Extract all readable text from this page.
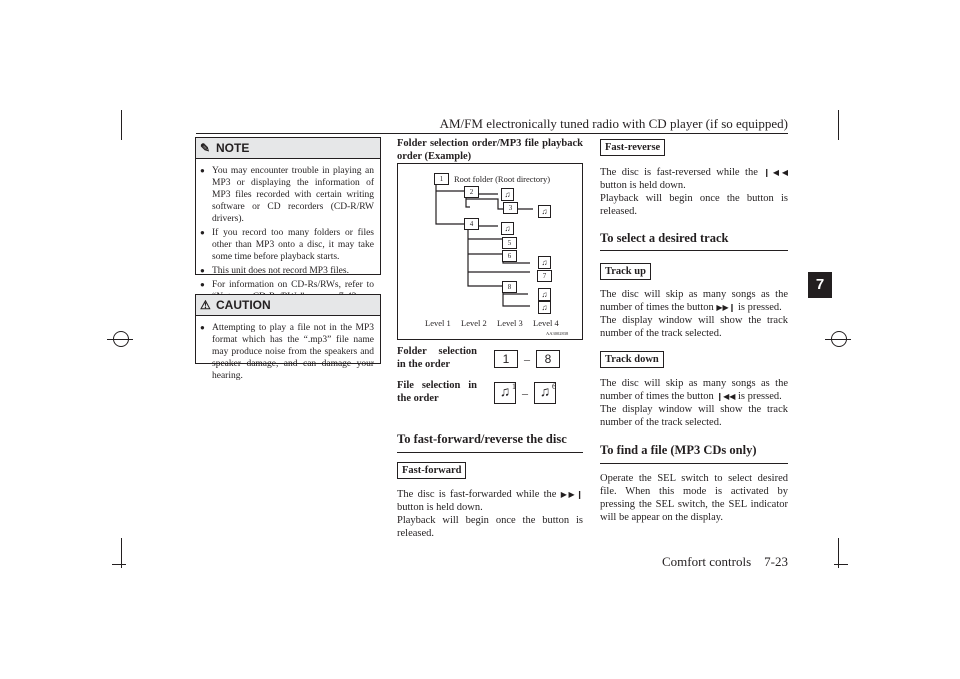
AM/FM electronically tuned radio with CD player (if so equipped)
Comfort controls 7-23
7
✎ NOTE
● You may encounter trouble in playing an MP3 or displaying the information of MP3 files recorded with certain writing software or CD recorders (CD-R/RW drivers).
● If you record too many folders or files other than MP3 onto a disc, it may take some time before playback starts.
● This unit does not record MP3 files.
● For information on CD-Rs/RWs, refer to
⚠ CAUTION
● Attempting to play a file not in the MP3 format which has the “.mp3” file name may produce noise from the speakers and speaker damage, and can damage your hearing.
Folder selection order/MP3 file playback order (Example)
Root folder (Root directory)
1
2
3
4
5
6
7
8
♫
♫
♫
♫
♫
♫
Level 1 Level 2 Level 3 Level 4
AA3002838
Folder selection in the order	1	–	8
File selection in the order	♫ 1 – ♫ 6
To fast-forward/reverse the disc
Fast-forward
The disc is fast-forwarded while the ▶▶❙ button is held down.
Playback will begin once the button is released.
Fast-reverse
The disc is fast-reversed while the ❙◀◀ button is held down.
Playback will begin once the button is released.
To select a desired track
Track up
The disc will skip as many songs as the number of times the button ▶▶❙ is pressed.
The display window will show the track number of the track selected.
Track down
The disc will skip as many songs as the number of times the button ❙◀◀ is pressed.
The display window will show the track number of the track selected.
To find a file (MP3 CDs only)
Operate the SEL switch to select desired file. When this mode is activated by pressing the SEL switch, the SEL indicator will be appear on the display.
